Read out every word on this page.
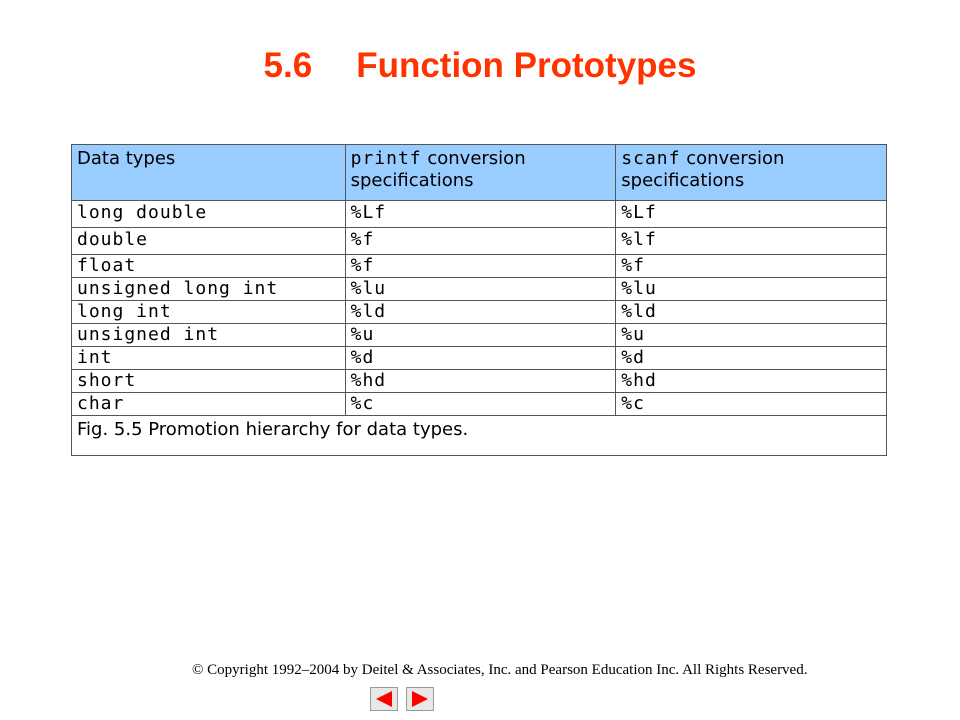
5.6 Function Prototypes
Data types	printf conversion specifications	scanf conversion specifications
long double	%Lf	%Lf
double	%f	%lf
float	%f	%f
unsigned long int	%lu	%lu
long int	%ld	%ld
unsigned int	%u	%u
int	%d	%d
short	%hd	%hd
char	%c	%c
Fig. 5.5 Promotion hierarchy for data types.		
© Copyright 1992–2004 by Deitel & Associates, Inc. and Pearson Education Inc. All Rights Reserved.
